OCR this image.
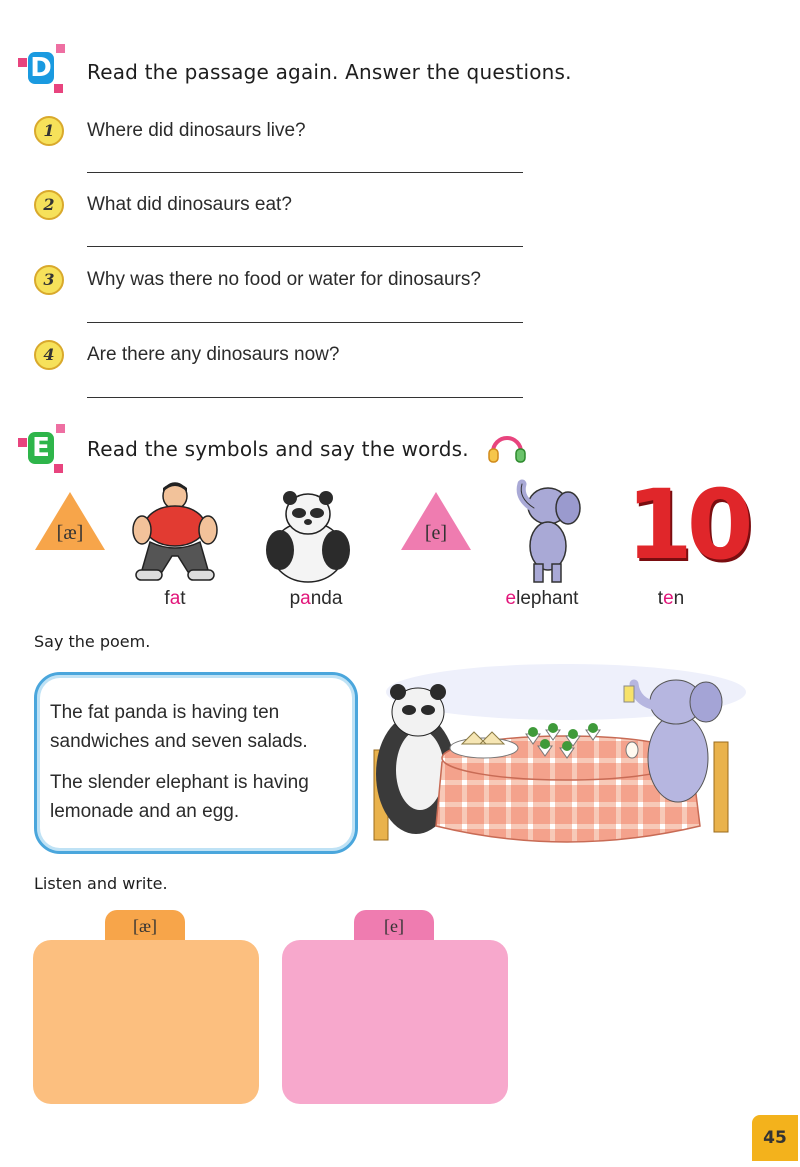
D Read the passage again. Answer the questions.
1	Where did dinosaurs live?
2	What did dinosaurs eat?
3	Why was there no food or water for dinosaurs?
4	Are there any dinosaurs now?
E Read the symbols and say the words.
[æ]	[e] 10
fat	panda	elephant	ten
Say the poem.
The fat panda is having ten
sandwiches and seven salads.
The slender elephant is having
lemonade and an egg.
Listen and write.
[æ]	[e]
45
